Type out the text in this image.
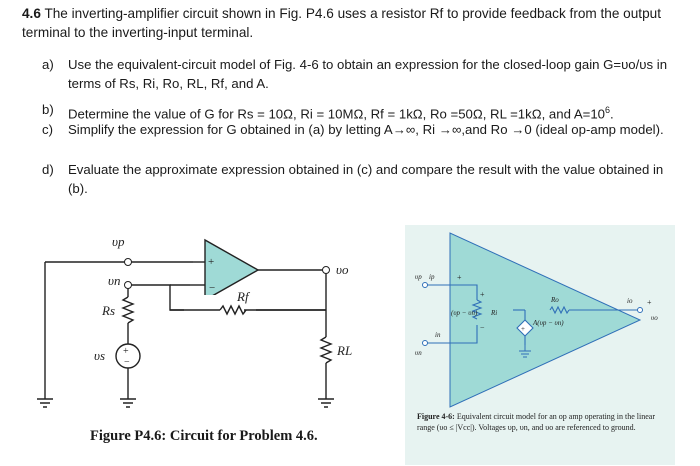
4.6 The inverting-amplifier circuit shown in Fig. P4.6 uses a resistor Rf to provide feedback from the output terminal to the inverting-input terminal.
a) Use the equivalent-circuit model of Fig. 4-6 to obtain an expression for the closed-loop gain G=υo/υs in terms of Rs, Ri, Ro, RL, Rf, and A.
b) Determine the value of G for Rs = 10Ω, Ri = 10MΩ, Rf = 1kΩ, Ro =50Ω, RL =1kΩ, and $A=10^6$.
c) Simplify the expression for G obtained in (a) by letting A→∞, Ri →∞,and Ro →0 (ideal op-amp model).
d) Evaluate the approximate expression obtained in (c) and compare the result with the value obtained in (b).
+
−
+
−
υp
υn
Rs
υs
Rf
υo
RL
Figure P4.6: Circuit for Problem 4.6.
+
+
+
−
+
υp ip
υn
in
(υp − υn) Ri
Ro
A(υp − υn)
io
υo
Figure 4-6: Equivalent circuit model for an op amp operating in the linear range (υo ≤ |Vcc|). Voltages υp, υn, and υo are referenced to ground.
